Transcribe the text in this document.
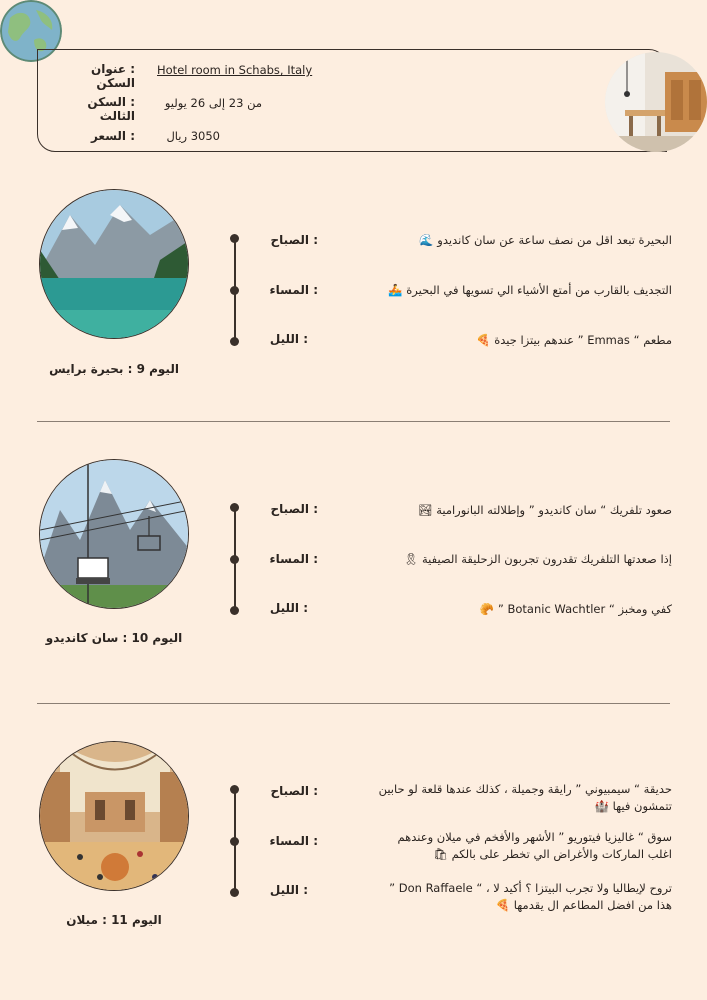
: عنوان السكن
Hotel room in Schabs, Italy
: السكن الثالث
من 23 إلى 26 يوليو
: السعر	3050 ريال
اليوم 9 : بحيرة برايس
: الصباح
: المساء
: الليل
البحيرة تبعد اقل من نصف ساعة عن سان كانديدو 🌊
التجديف بالقارب من أمتع الأشياء الي تسويها في البحيرة 🚣
مطعم “ Emmas ” عندهم بيتزا جيدة 🍕
اليوم 10 : سان كانديدو
: الصباح
: المساء
: الليل
صعود تلفريك “ سان كانديدو ” وإطلالته البانورامية 🏞
إذا صعدتها التلفريك تقدرون تجربون الزحليقة الصيفية 🎗
كفي ومخبز “ Botanic Wachtler ” 🥐
اليوم 11 : ميلان
: الصباح
: المساء
: الليل
حديقة “ سيمبيوني ” رايقة وجميلة ، كذلك عندها قلعة لو حابين تتمشون فيها 🏰
سوق “ غاليزيا فيتوريو ” الأشهر والأفخم في ميلان وعندهم اغلب الماركات والأغراض الي تخطر على بالكم 🛍
تروح لإيطاليا ولا تجرب البيتزا ؟ أكيد لا ، “ Don Raffaele ” هذا من افضل المطاعم ال يقدمها 🍕
